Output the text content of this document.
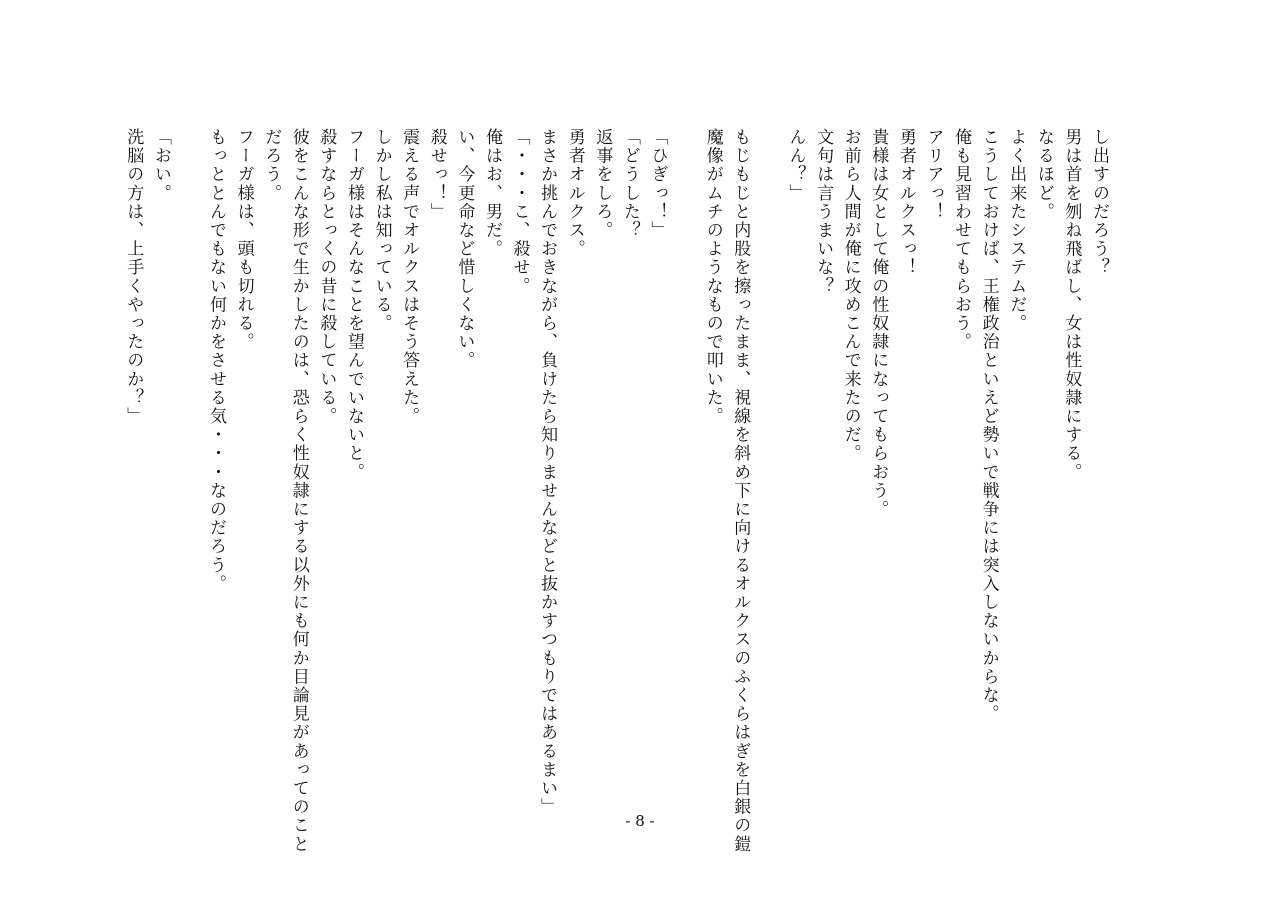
し出すのだろう？
男は首を刎ね飛ばし、女は性奴隷にする。
なるほど。
よく出来たシステムだ。
こうしておけば、王権政治といえど勢いで戦争には突入しないからな。
俺も見習わせてもらおう。
アリアっ！
勇者オルクスっ！
貴様は女として俺の性奴隷になってもらおう。
お前ら人間が俺に攻めこんで来たのだ。
文句は言うまいな？
んん？」
もじもじと内股を擦ったまま、視線を斜め下に向けるオルクスのふくらはぎを白銀の鎧
魔像がムチのようなもので叩いた。
「ひぎっ！」
「どうした？
返事をしろ。
勇者オルクス。
まさか挑んでおきながら、負けたら知りませんなどと抜かすつもりではあるまい」
「・・・こ、殺せ。
俺はお、男だ。
い、今更命など惜しくない。
殺せっ！」
震える声でオルクスはそう答えた。
しかし私は知っている。
フーガ様はそんなことを望んでいないと。
殺すならとっくの昔に殺している。
彼をこんな形で生かしたのは、恐らく性奴隷にする以外にも何か目論見があってのこと
だろう。
フーガ様は、頭も切れる。
もっととんでもない何かをさせる気・・・なのだろう。
「おい。
洗脳の方は、上手くやったのか？」
- 8 -
